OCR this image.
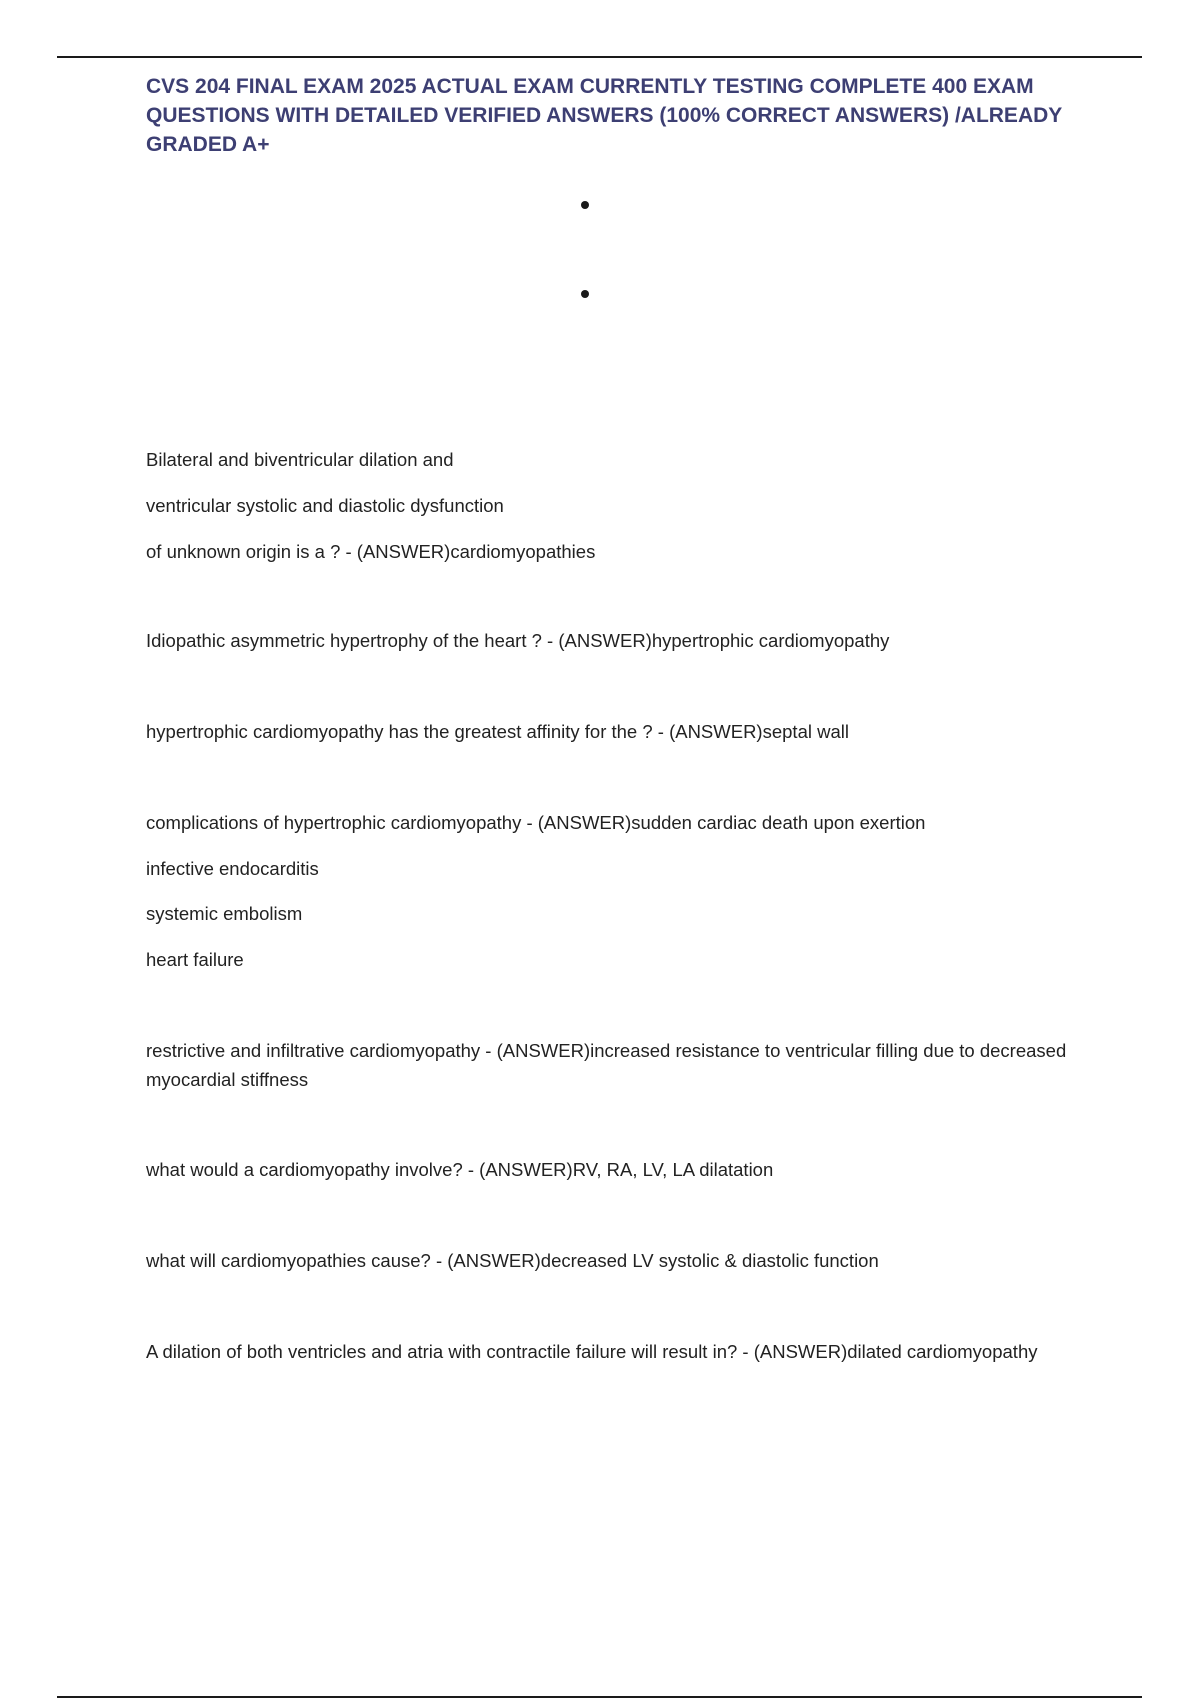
CVS 204 FINAL EXAM 2025 ACTUAL EXAM CURRENTLY TESTING COMPLETE 400 EXAM QUESTIONS WITH DETAILED VERIFIED ANSWERS (100% CORRECT ANSWERS) /ALREADY GRADED A+

Bilateral and biventricular dilation and

ventricular systolic and diastolic dysfunction

of unknown origin is a ? - (ANSWER)cardiomyopathies

Idiopathic asymmetric hypertrophy of the heart ? - (ANSWER)hypertrophic cardiomyopathy

hypertrophic cardiomyopathy has the greatest affinity for the ? - (ANSWER)septal wall

complications of hypertrophic cardiomyopathy - (ANSWER)sudden cardiac death upon exertion

infective endocarditis

systemic embolism

heart failure

restrictive and infiltrative cardiomyopathy - (ANSWER)increased resistance to ventricular filling due to decreased myocardial stiffness

what would a cardiomyopathy involve? - (ANSWER)RV, RA, LV, LA dilatation

what will cardiomyopathies cause? - (ANSWER)decreased LV systolic & diastolic function

A dilation of both ventricles and atria with contractile failure will result in? - (ANSWER)dilated cardiomyopathy
